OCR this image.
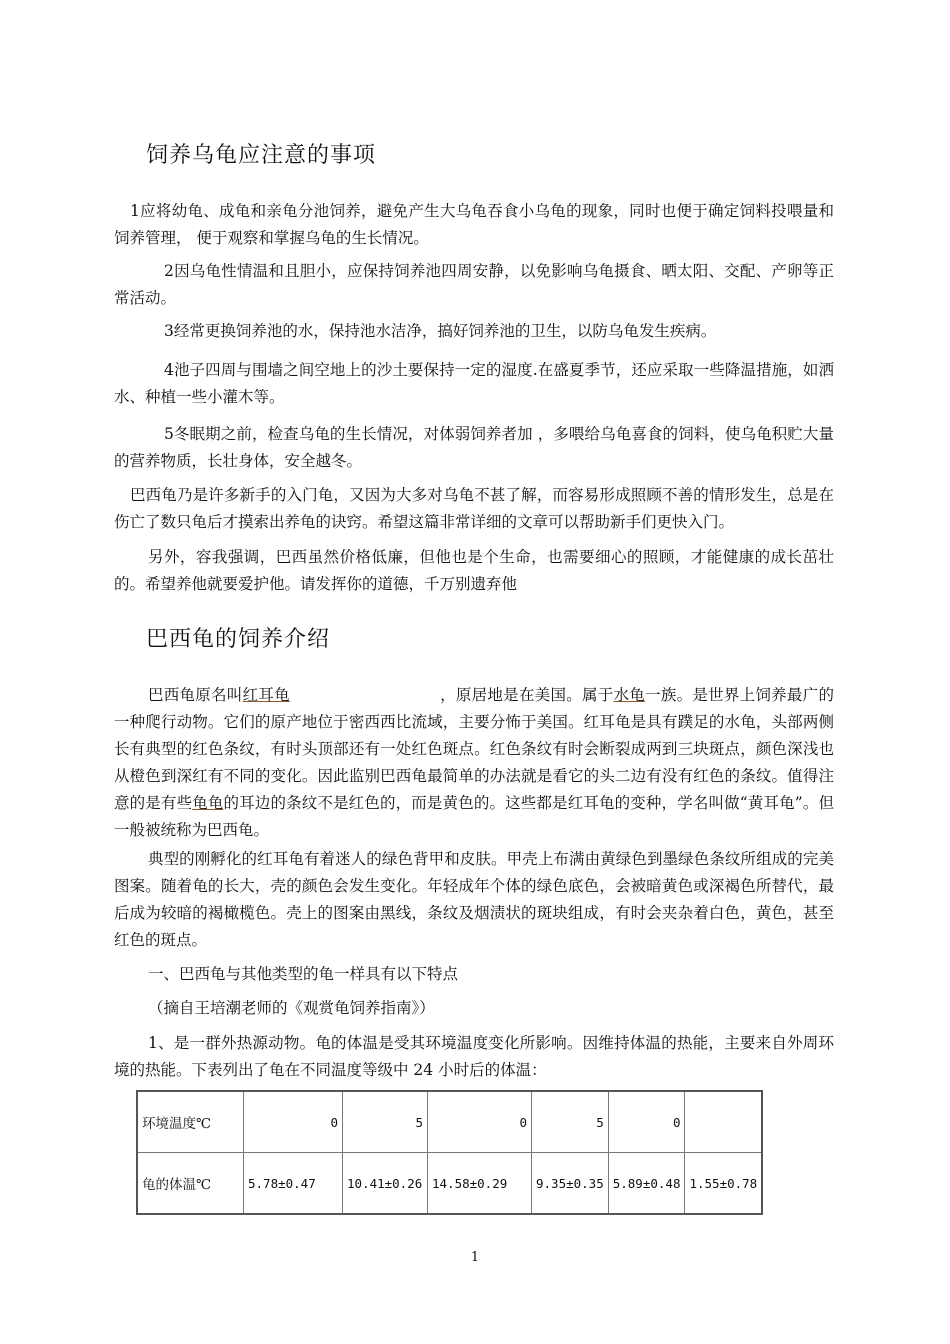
饲养乌龟应注意的事项
1应将幼龟、成龟和亲龟分池饲养，避免产生大乌龟吞食小乌龟的现象，同时也便于确定饲料投喂量和饲养管理， 便于观察和掌握乌龟的生长情况。
2因乌龟性情温和且胆小，应保持饲养池四周安静，以免影响乌龟摄食、晒太阳、交配、产卵等正常活动。
3经常更换饲养池的水，保持池水洁净，搞好饲养池的卫生，以防乌龟发生疾病。
4池子四周与围墙之间空地上的沙土要保持一定的湿度.在盛夏季节，还应采取一些降温措施，如洒水、种植一些小灌木等。
5冬眠期之前，检查乌龟的生长情况，对体弱饲养者加 ，多喂给乌龟喜食的饲料，使乌龟积贮大量的营养物质，长壮身体，安全越冬。
巴西龟乃是许多新手的入门龟，又因为大多对乌龟不甚了解，而容易形成照顾不善的情形发生，总是在伤亡了数只龟后才摸索出养龟的诀窍。希望这篇非常详细的文章可以帮助新手们更快入门。
另外，容我强调，巴西虽然价格低廉，但他也是个生命，也需要细心的照顾，才能健康的成长茁壮的。希望养他就要爱护他。请发挥你的道德，千万别遗弃他
巴西龟的饲养介绍
巴西龟原名叫红耳龟	，原居地是在美国。属于水龟一族。是世界上饲养最广的一种爬行动物。它们的原产地位于密西西比流域，主要分怖于美国。红耳龟是具有蹼足的水龟，头部两侧长有典型的红色条纹，有时头顶部还有一处红色斑点。红色条纹有时会断裂成两到三块斑点，颜色深浅也从橙色到深红有不同的变化。因此监别巴西龟最简单的办法就是看它的头二边有没有红色的条纹。值得注意的是有些龟龟的耳边的条纹不是红色的，而是黄色的。这些都是红耳龟的变种，学名叫做“黄耳龟”。但一般被统称为巴西龟。
典型的刚孵化的红耳龟有着迷人的绿色背甲和皮肤。甲壳上布满由黄绿色到墨绿色条纹所组成的完美图案。随着龟的长大，壳的颜色会发生变化。年轻成年个体的绿色底色，会被暗黄色或深褐色所替代，最后成为较暗的褐橄榄色。壳上的图案由黑线，条纹及烟渍状的斑块组成，有时会夹杂着白色，黄色，甚至红色的斑点。
一、巴西龟与其他类型的龟一样具有以下特点
（摘自王培潮老师的《观赏龟饲养指南》）
1、是一群外热源动物。龟的体温是受其环境温度变化所影响。因维持体温的热能，主要来自外周环境的热能。下表列出了龟在不同温度等级中 24 小时后的体温：
环境温度℃	0	5	0	5	0	
龟的体温℃	5.78±0.47	10.41±0.26	14.58±0.29	9.35±0.35	5.89±0.48	1.55±0.78
1
